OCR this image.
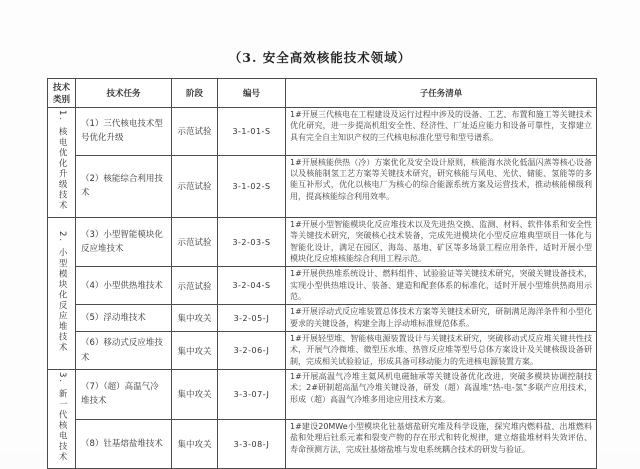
（3. 安全高效核能技术领域）
技术类别	技术任务	阶段	编号	子任务清单
1. 核电优化升级技术	（1）三代核电技术型号优化升级	示范试验	3-1-01-S	1#开展三代核电在工程建设及运行过程中涉及的设备、工艺、布置和施工等关键技术优化研究，进一步提高机组安全性、经济性、厂址适应能力和设备可靠性，支撑建立具有完全自主知识产权的三代核电标准化型号和型号谱系。
	（2）核能综合利用技术	示范试验	3-1-02-S	1#开展核能供热（冷）方案优化及安全设计原则，核能海水淡化低温闪蒸等核心设备以及核能制氢工艺方案等关键技术研究，研究核能与风电、光伏、储能、氢能等的多能互补形式，优化以核电厂为核心的综合能源系统方案及运营技术，推动核能梯级利用，提高核能综合利用效率。
2. 小型模块化反应堆技术	（3）小型智能模块化反应堆技术	示范试验	3-2-03-S	1#开展小型智能模块化反应堆技术以及先进热交换、监测、材料、软件体系和安全性等关键技术研究，突破核心技术装备，完成先进模块化小型反应堆典型项目一体化与智能化设计，满足在园区、海岛、基地、矿区等多场景工程应用条件，适时开展小型模块化反应堆核能综合利用工程示范。
	（4）小型供热堆技术	示范试验	3-2-04-S	1#开展供热堆系统设计、燃料组件、试验验证等关键技术研究，突破关键设备技术，实现小型供热堆设计、装备、建造和配套体系的标准化，适时开展小型堆供热商用示范。
	（5）浮动堆技术	集中攻关	3-2-05-J	1#开展浮动式反应堆装置总体技术方案等关键技术研究，研制满足海洋条件和小型化要求的关键设备，构建全海上浮动堆标准规范体系。
	（6）移动式反应堆技术	集中攻关	3-2-06-J	1#开展轻型堆、智能核电源装置设计与关键技术研究，突破移动式反应堆关键共性技术，开展气冷微堆、微型压水堆、热管反应堆等型号总体方案设计及关键核级设备研制，完成相关试验验证，形成具备可移动能力的先进核电源装置方案。
3. 新一代核电技术	（7）（超）高温气冷堆技术	集中攻关	3-3-07-J	1#开展高温气冷堆主氦风机电磁轴承等关键设备优化改进，突破多模块协调控制技术；2#研制超高温气冷堆关键设备，研发（超）高温堆“热-电-氢”多联产应用技术，形成（超）高温气冷堆多用途应用技术方案。
	（8）钍基熔盐堆技术	集中攻关	3-3-08-J	1#建设20MWe小型模块化钍基熔盐研究堆及科学设施，探究堆内燃料盐、出堆燃料盐和处理后钍系元素和裂变产物的存在形式和转化规律，建立熔盐堆材料失效评估、寿命预测方法，完成钍基熔盐堆与发电系统耦合技术的研发与验证。
